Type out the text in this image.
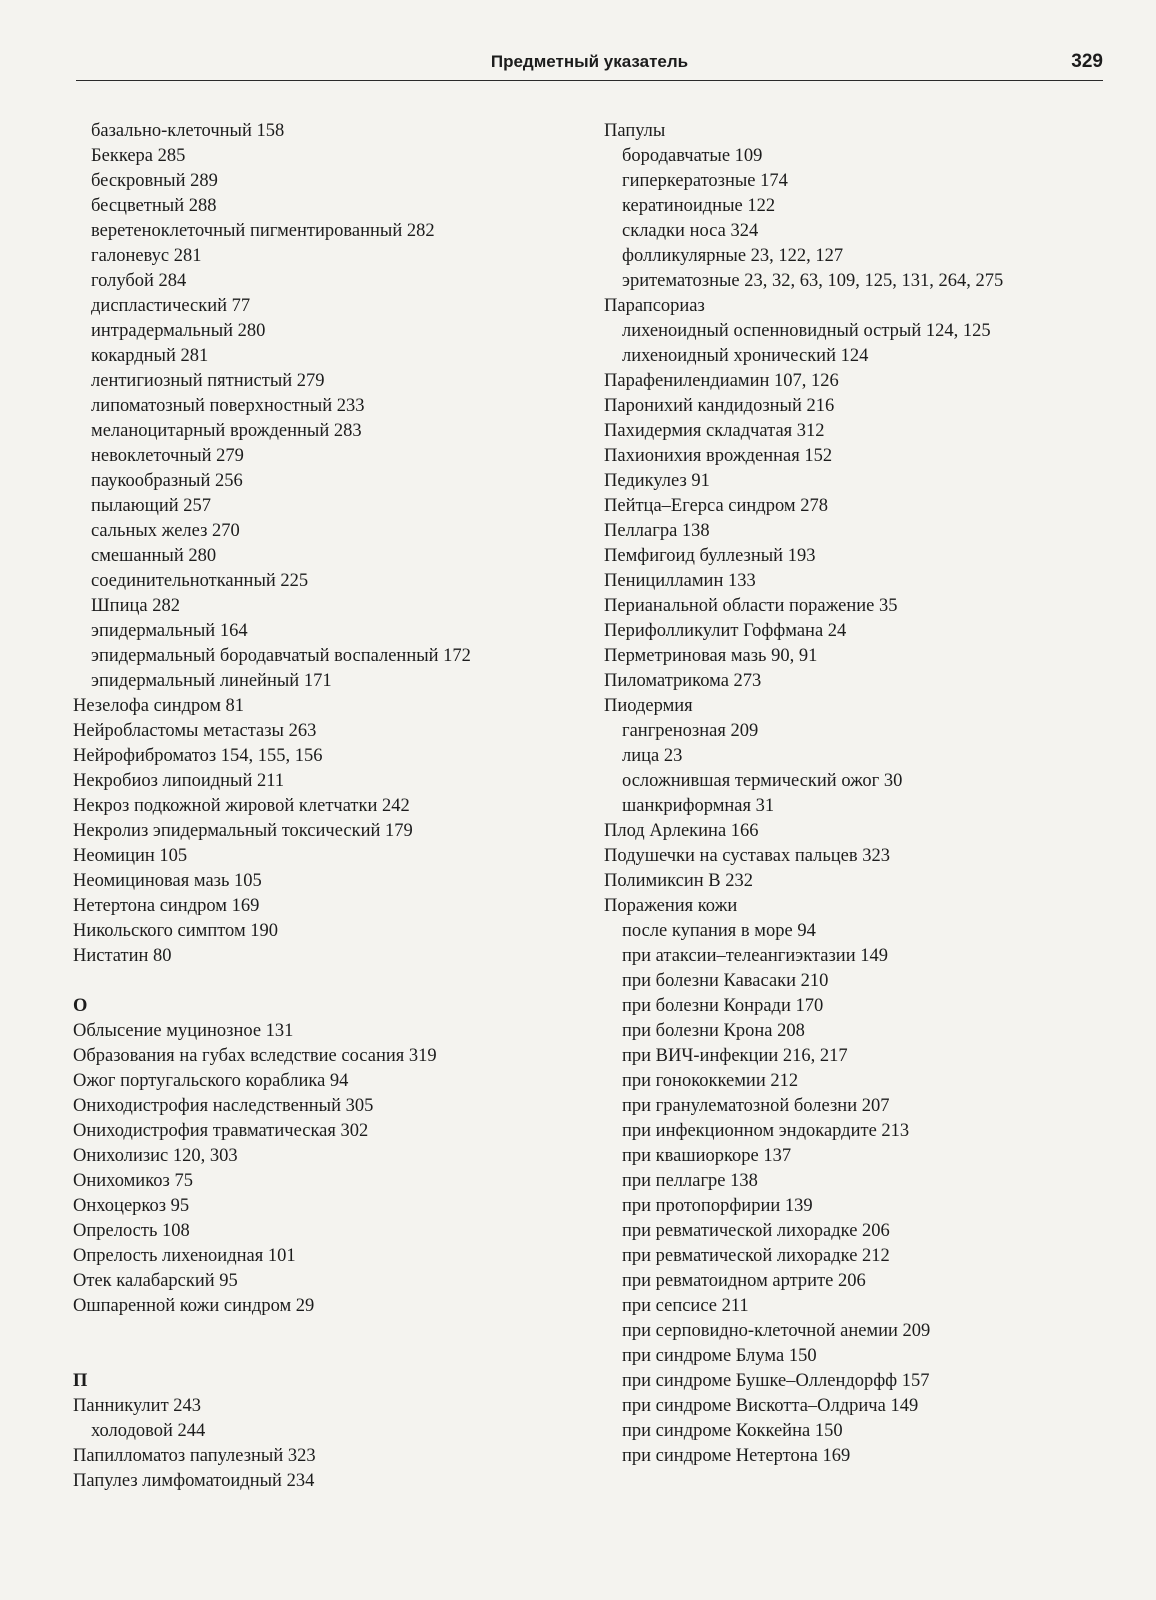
Предметный указатель	329
базально-клеточный 158
Беккера 285
бескровный 289
бесцветный 288
веретеноклеточный пигментированный 282
галоневус 281
голубой 284
диспластический 77
интрадермальный 280
кокардный 281
лентигиозный пятнистый 279
липоматозный поверхностный 233
меланоцитарный врожденный 283
невоклеточный 279
паукообразный 256
пылающий 257
сальных желез 270
смешанный 280
соединительнотканный 225
Шпица 282
эпидермальный 164
эпидермальный бородавчатый воспаленный 172
эпидермальный линейный 171
Незелофа синдром 81
Нейробластомы метастазы 263
Нейрофиброматоз 154, 155, 156
Некробиоз липоидный 211
Некроз подкожной жировой клетчатки 242
Некролиз эпидермальный токсический 179
Неомицин 105
Неомициновая мазь 105
Нетертона синдром 169
Никольского симптом 190
Нистатин 80
О
Облысение муцинозное 131
Образования на губах вследствие сосания 319
Ожог португальского кораблика 94
Ониходистрофия наследственный 305
Ониходистрофия травматическая 302
Онихолизис 120, 303
Онихомикоз 75
Онхоцеркоз 95
Опрелость 108
Опрелость лихеноидная 101
Отек калабарский 95
Ошпаренной кожи синдром 29
П
Панникулит 243
холодовой 244
Папилломатоз папулезный 323
Папулез лимфоматоидный 234
Папулы
бородавчатые 109
гиперкератозные 174
кератиноидные 122
складки носа 324
фолликулярные 23, 122, 127
эритематозные 23, 32, 63, 109, 125, 131, 264, 275
Парапсориаз
лихеноидный оспенновидный острый 124, 125
лихеноидный хронический 124
Парафенилендиамин 107, 126
Паронихий кандидозный 216
Пахидермия складчатая 312
Пахионихия врожденная 152
Педикулез 91
Пейтца–Егерса синдром 278
Пеллагра 138
Пемфигоид буллезный 193
Пеницилламин 133
Перианальной области поражение 35
Перифолликулит Гоффмана 24
Перметриновая мазь 90, 91
Пиломатрикома 273
Пиодермия
гангренозная 209
лица 23
осложнившая термический ожог 30
шанкриформная 31
Плод Арлекина 166
Подушечки на суставах пальцев 323
Полимиксин В 232
Поражения кожи
после купания в море 94
при атаксии–телеангиэктазии 149
при болезни Кавасаки 210
при болезни Конради 170
при болезни Крона 208
при ВИЧ-инфекции 216, 217
при гонококкемии 212
при гранулематозной болезни 207
при инфекционном эндокардите 213
при квашиоркоре 137
при пеллагре 138
при протопорфирии 139
при ревматической лихорадке 206
при ревматической лихорадке 212
при ревматоидном артрите 206
при сепсисе 211
при серповидно-клеточной анемии 209
при синдроме Блума 150
при синдроме Бушке–Оллендорфф 157
при синдроме Вискотта–Олдрича 149
при синдроме Коккейна 150
при синдроме Нетертона 169
